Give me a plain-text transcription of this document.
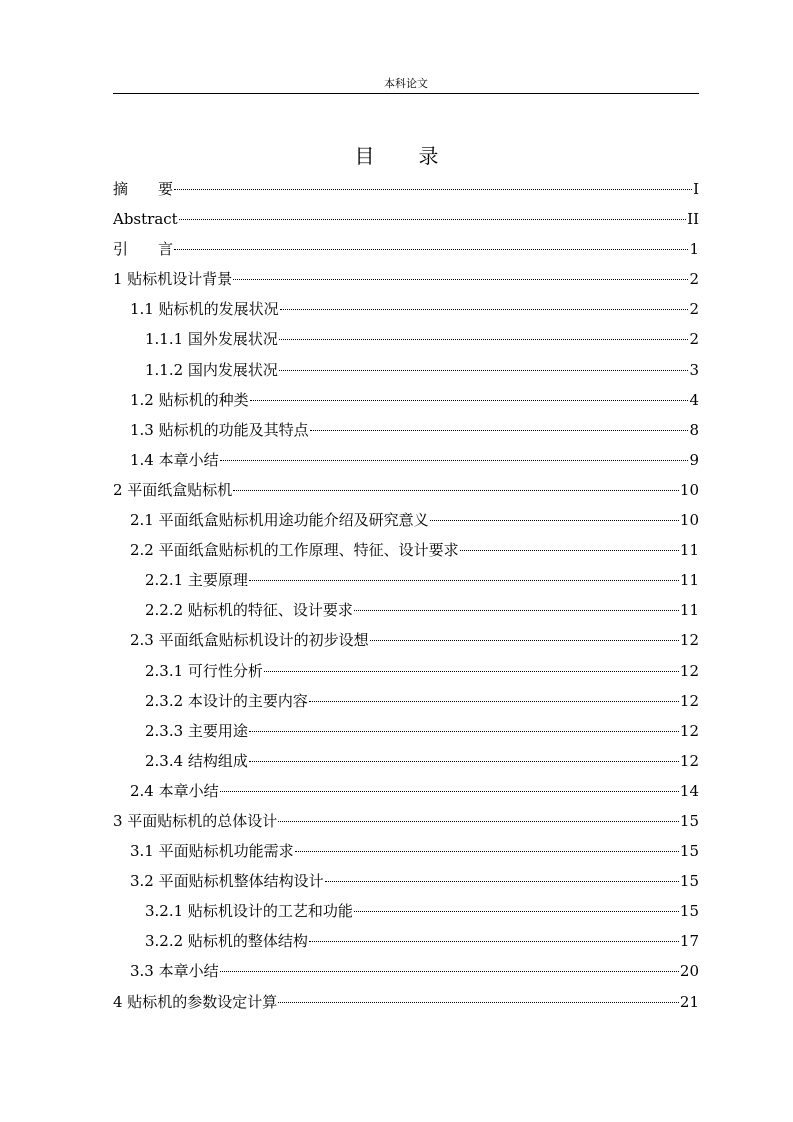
本科论文
目 录
摘　　要	I
Abstract	II
引　　言	1
1 贴标机设计背景	2
1.1 贴标机的发展状况	2
1.1.1 国外发展状况	2
1.1.2 国内发展状况	3
1.2 贴标机的种类	4
1.3 贴标机的功能及其特点	8
1.4 本章小结	9
2 平面纸盒贴标机	10
2.1 平面纸盒贴标机用途功能介绍及研究意义	10
2.2 平面纸盒贴标机的工作原理、特征、设计要求	11
2.2.1 主要原理	11
2.2.2 贴标机的特征、设计要求	11
2.3 平面纸盒贴标机设计的初步设想	12
2.3.1 可行性分析	12
2.3.2 本设计的主要内容	12
2.3.3 主要用途	12
2.3.4 结构组成	12
2.4 本章小结	14
3 平面贴标机的总体设计	15
3.1 平面贴标机功能需求	15
3.2 平面贴标机整体结构设计	15
3.2.1 贴标机设计的工艺和功能	15
3.2.2 贴标机的整体结构	17
3.3 本章小结	20
4 贴标机的参数设定计算	21
